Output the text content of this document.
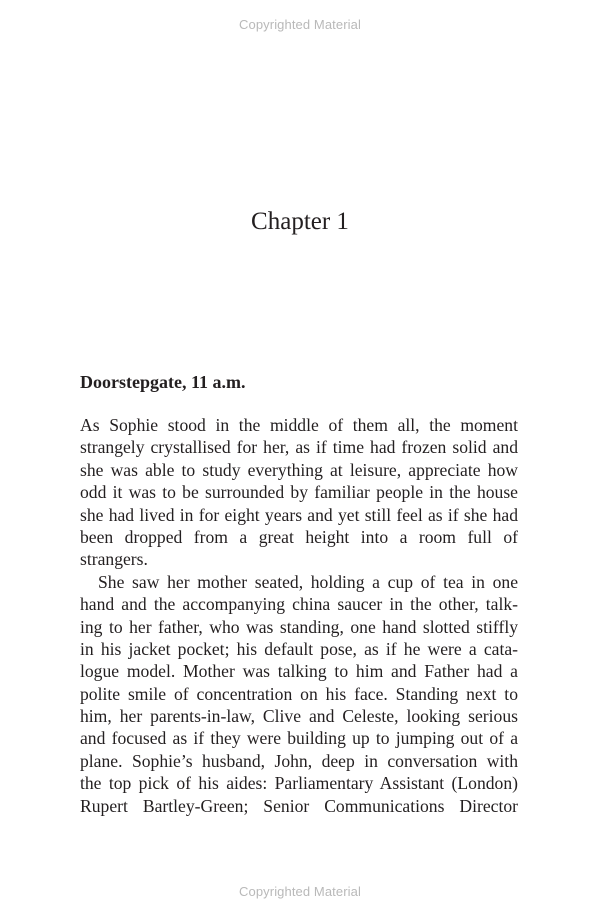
Copyrighted Material
Chapter 1
Doorstepgate, 11 a.m.
As Sophie stood in the middle of them all, the moment
strangely crystallised for her, as if time had frozen solid and
she was able to study everything at leisure, appreciate how
odd it was to be surrounded by familiar people in the house
she had lived in for eight years and yet still feel as if she had
been dropped from a great height into a room full of
strangers.
She saw her mother seated, holding a cup of tea in one
hand and the accompanying china saucer in the other, talk-
ing to her father, who was standing, one hand slotted stiffly
in his jacket pocket; his default pose, as if he were a cata-
logue model. Mother was talking to him and Father had a
polite smile of concentration on his face. Standing next to
him, her parents-in-law, Clive and Celeste, looking serious
and focused as if they were building up to jumping out of a
plane. Sophie’s husband, John, deep in conversation with
the top pick of his aides: Parliamentary Assistant (London)
Rupert Bartley-Green; Senior Communications Director
Copyrighted Material
